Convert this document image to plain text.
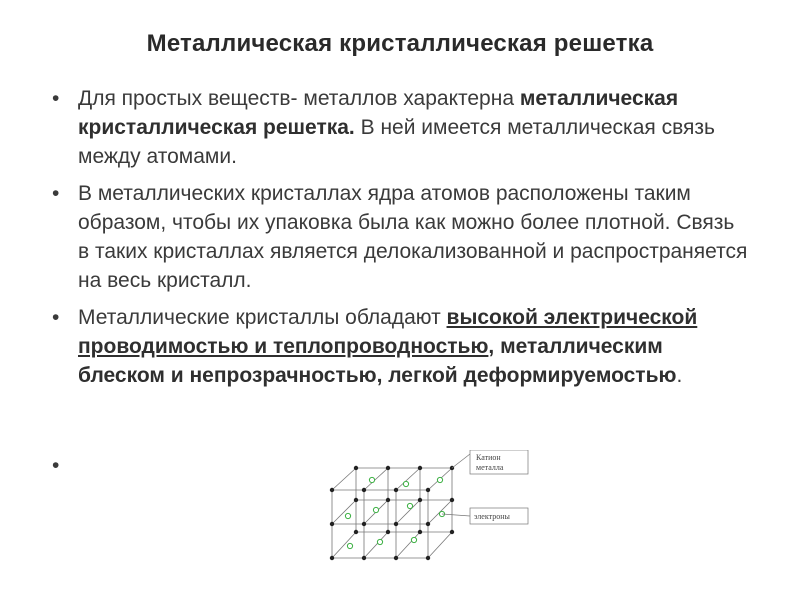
Металлическая кристаллическая решетка
• Для простых веществ- металлов характерна металлическая кристаллическая решетка. В ней имеется металлическая связь между атомами.
• В металлических кристаллах ядра атомов расположены таким образом, чтобы их упаковка была как можно более плотной. Связь в таких кристаллах является делокализованной и распространяется на весь кристалл.
• Металлические кристаллы обладают высокой электрической проводимостью и теплопроводностью, металлическим блеском и непрозрачностью, легкой деформируемостью.
•	Катион
металла
электроны
